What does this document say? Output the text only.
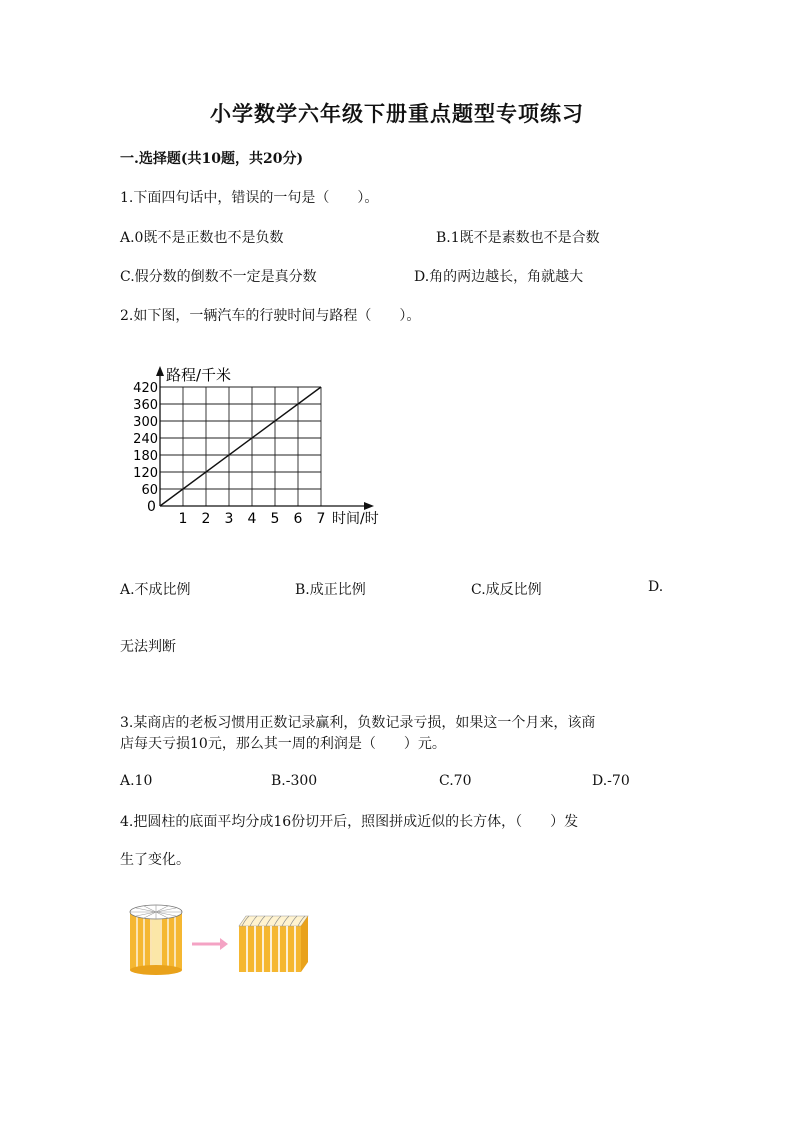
小学数学六年级下册重点题型专项练习
一.选择题(共10题，共20分)
1.下面四句话中，错误的一句是（　　）。
A.0既不是正数也不是负数	B.1既不是素数也不是合数
C.假分数的倒数不一定是真分数	D.角的两边越长，角就越大
2.如下图，一辆汽车的行驶时间与路程（　　）。
1 2 3 4 5 6 7
60
120
180
240
300
360
420
路程/千米
时间/时
0
A.不成比例	B.成正比例	C.成反比例	D.
无法判断
3.某商店的老板习惯用正数记录赢利，负数记录亏损，如果这一个月来，该商
店每天亏损10元，那么其一周的利润是（　　）元。
A.10	B.-300	C.70	D.-70
4.把圆柱的底面平均分成16份切开后，照图拼成近似的长方体，（　　）发
生了变化。
